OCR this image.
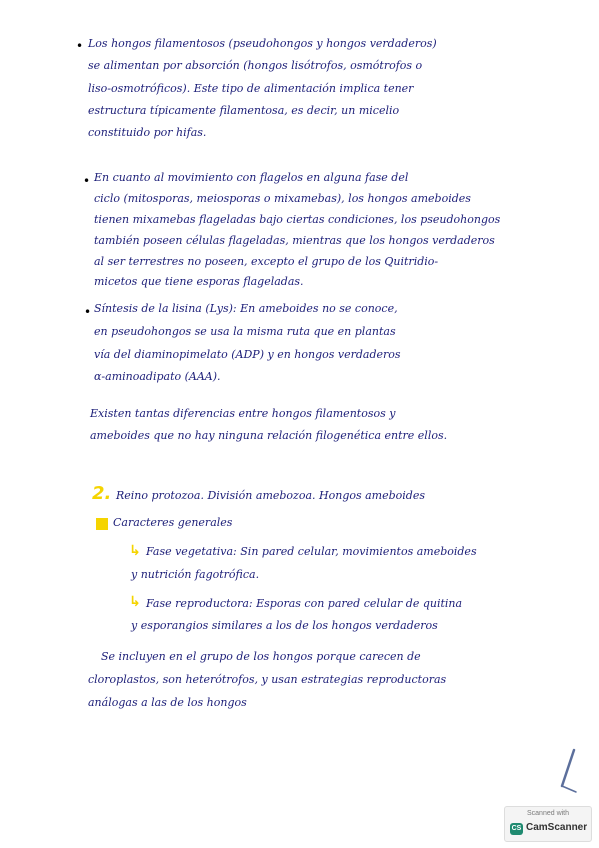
• Los hongos filamentosos (pseudohongos y hongos verdaderos)
se alimentan por absorción (hongos lisótrofos, osmótrofos o
liso-osmotróficos). Este tipo de alimentación implica tener
estructura típicamente filamentosa, es decir, un micelio
constituido por hifas.
• En cuanto al movimiento con flagelos en alguna fase del
ciclo (mitosporas, meiosporas o mixamebas), los hongos ameboides
tienen mixamebas flageladas bajo ciertas condiciones, los pseudohongos
también poseen células flageladas, mientras que los hongos verdaderos
al ser terrestres no poseen, excepto el grupo de los Quitridio-
micetos que tiene esporas flageladas.
• Síntesis de la lisina (Lys): En ameboides no se conoce,
en pseudohongos se usa la misma ruta que en plantas
vía del diaminopimelato (ADP) y en hongos verdaderos
α-aminoadipato (AAA).
Existen tantas diferencias entre hongos filamentosos y
ameboides que no hay ninguna relación filogenética entre ellos.
2. Reino protozoa. División amebozoa. Hongos ameboides
Caracteres generales
↳ Fase vegetativa: Sin pared celular, movimientos ameboides
y nutrición fagotrófica.
↳ Fase reproductora: Esporas con pared celular de quitina
y esporangios similares a los de los hongos verdaderos
Se incluyen en el grupo de los hongos porque carecen de
cloroplastos, son heterótrofos, y usan estrategias reproductoras
análogas a las de los hongos
Scanned with
CS CamScanner
